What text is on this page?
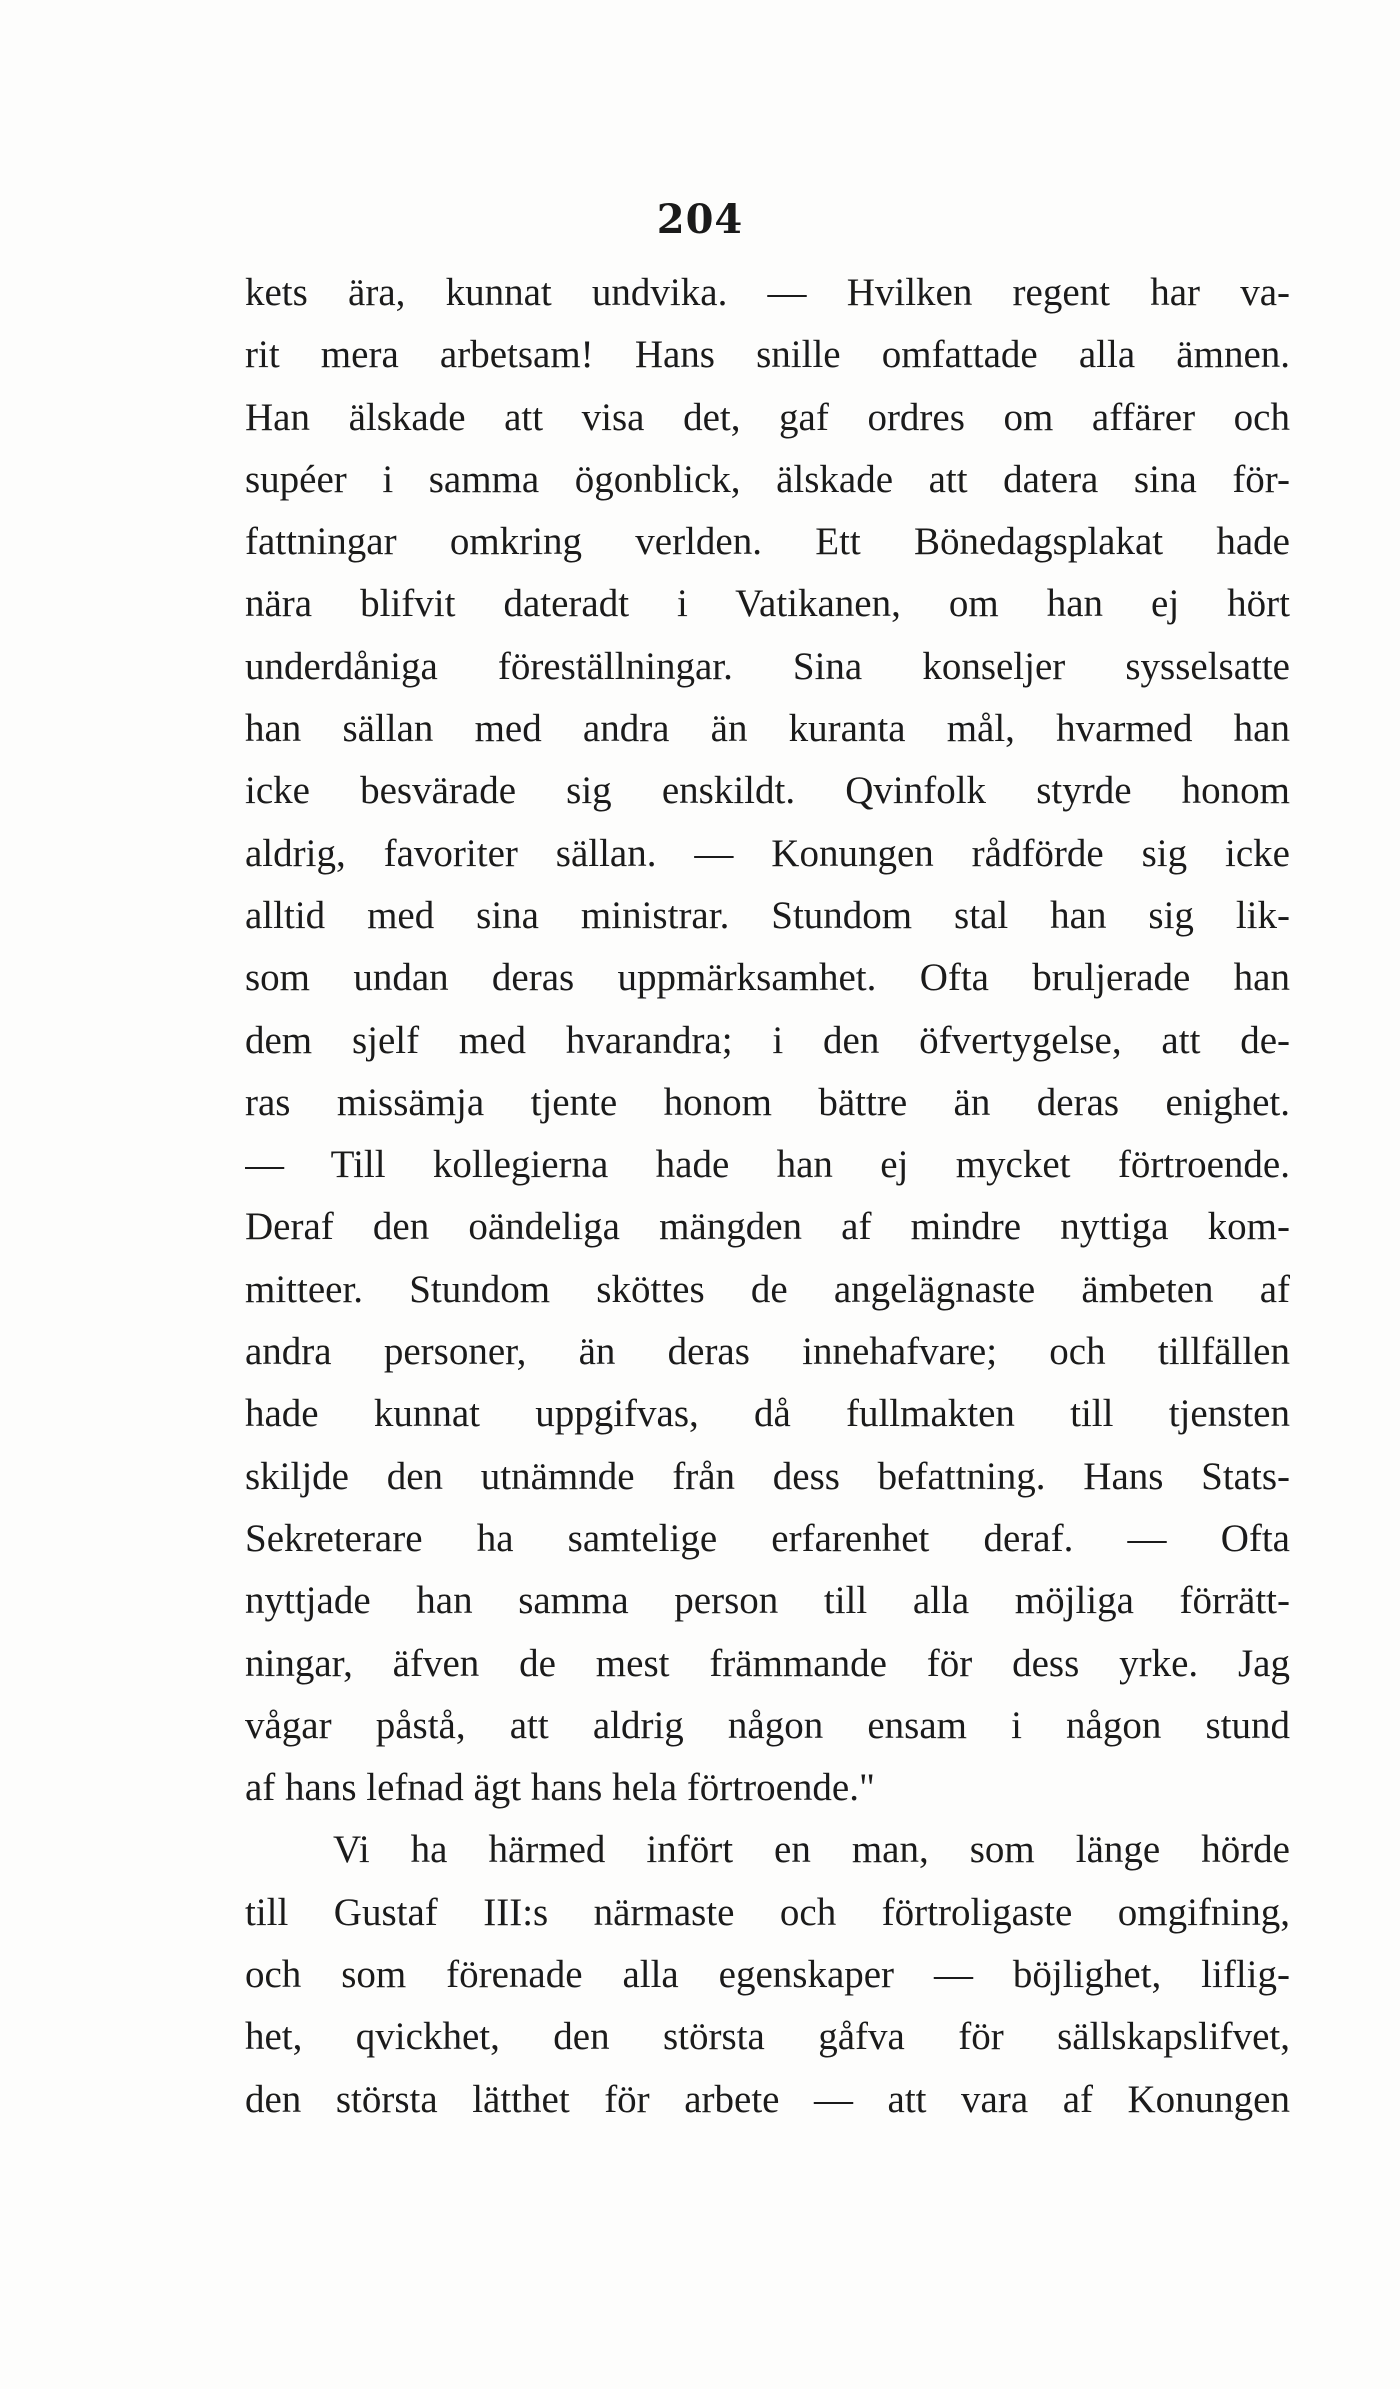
204
kets ära, kunnat undvika. — Hvilken regent har va-
rit mera arbetsam! Hans snille omfattade alla ämnen.
Han älskade att visa det, gaf ordres om affärer och
supéer i samma ögonblick, älskade att datera sina för-
fattningar omkring verlden. Ett Bönedagsplakat hade
nära blifvit dateradt i Vatikanen, om han ej hört
underdåniga föreställningar. Sina konseljer sysselsatte
han sällan med andra än kuranta mål, hvarmed han
icke besvärade sig enskildt. Qvinfolk styrde honom
aldrig, favoriter sällan. — Konungen rådförde sig icke
alltid med sina ministrar. Stundom stal han sig lik-
som undan deras uppmärksamhet. Ofta bruljerade han
dem sjelf med hvarandra; i den öfvertygelse, att de-
ras missämja tjente honom bättre än deras enighet.
— Till kollegierna hade han ej mycket förtroende.
Deraf den oändeliga mängden af mindre nyttiga kom-
mitteer. Stundom sköttes de angelägnaste ämbeten af
andra personer, än deras innehafvare; och tillfällen
hade kunnat uppgifvas, då fullmakten till tjensten
skiljde den utnämnde från dess befattning. Hans Stats-
Sekreterare ha samtelige erfarenhet deraf. — Ofta
nyttjade han samma person till alla möjliga förrätt-
ningar, äfven de mest främmande för dess yrke. Jag
vågar påstå, att aldrig någon ensam i någon stund
af hans lefnad ägt hans hela förtroende."
Vi ha härmed infört en man, som länge hörde
till Gustaf III:s närmaste och förtroligaste omgifning,
och som förenade alla egenskaper — böjlighet, liflig-
het, qvickhet, den största gåfva för sällskapslifvet,
den största lätthet för arbete — att vara af Konungen
